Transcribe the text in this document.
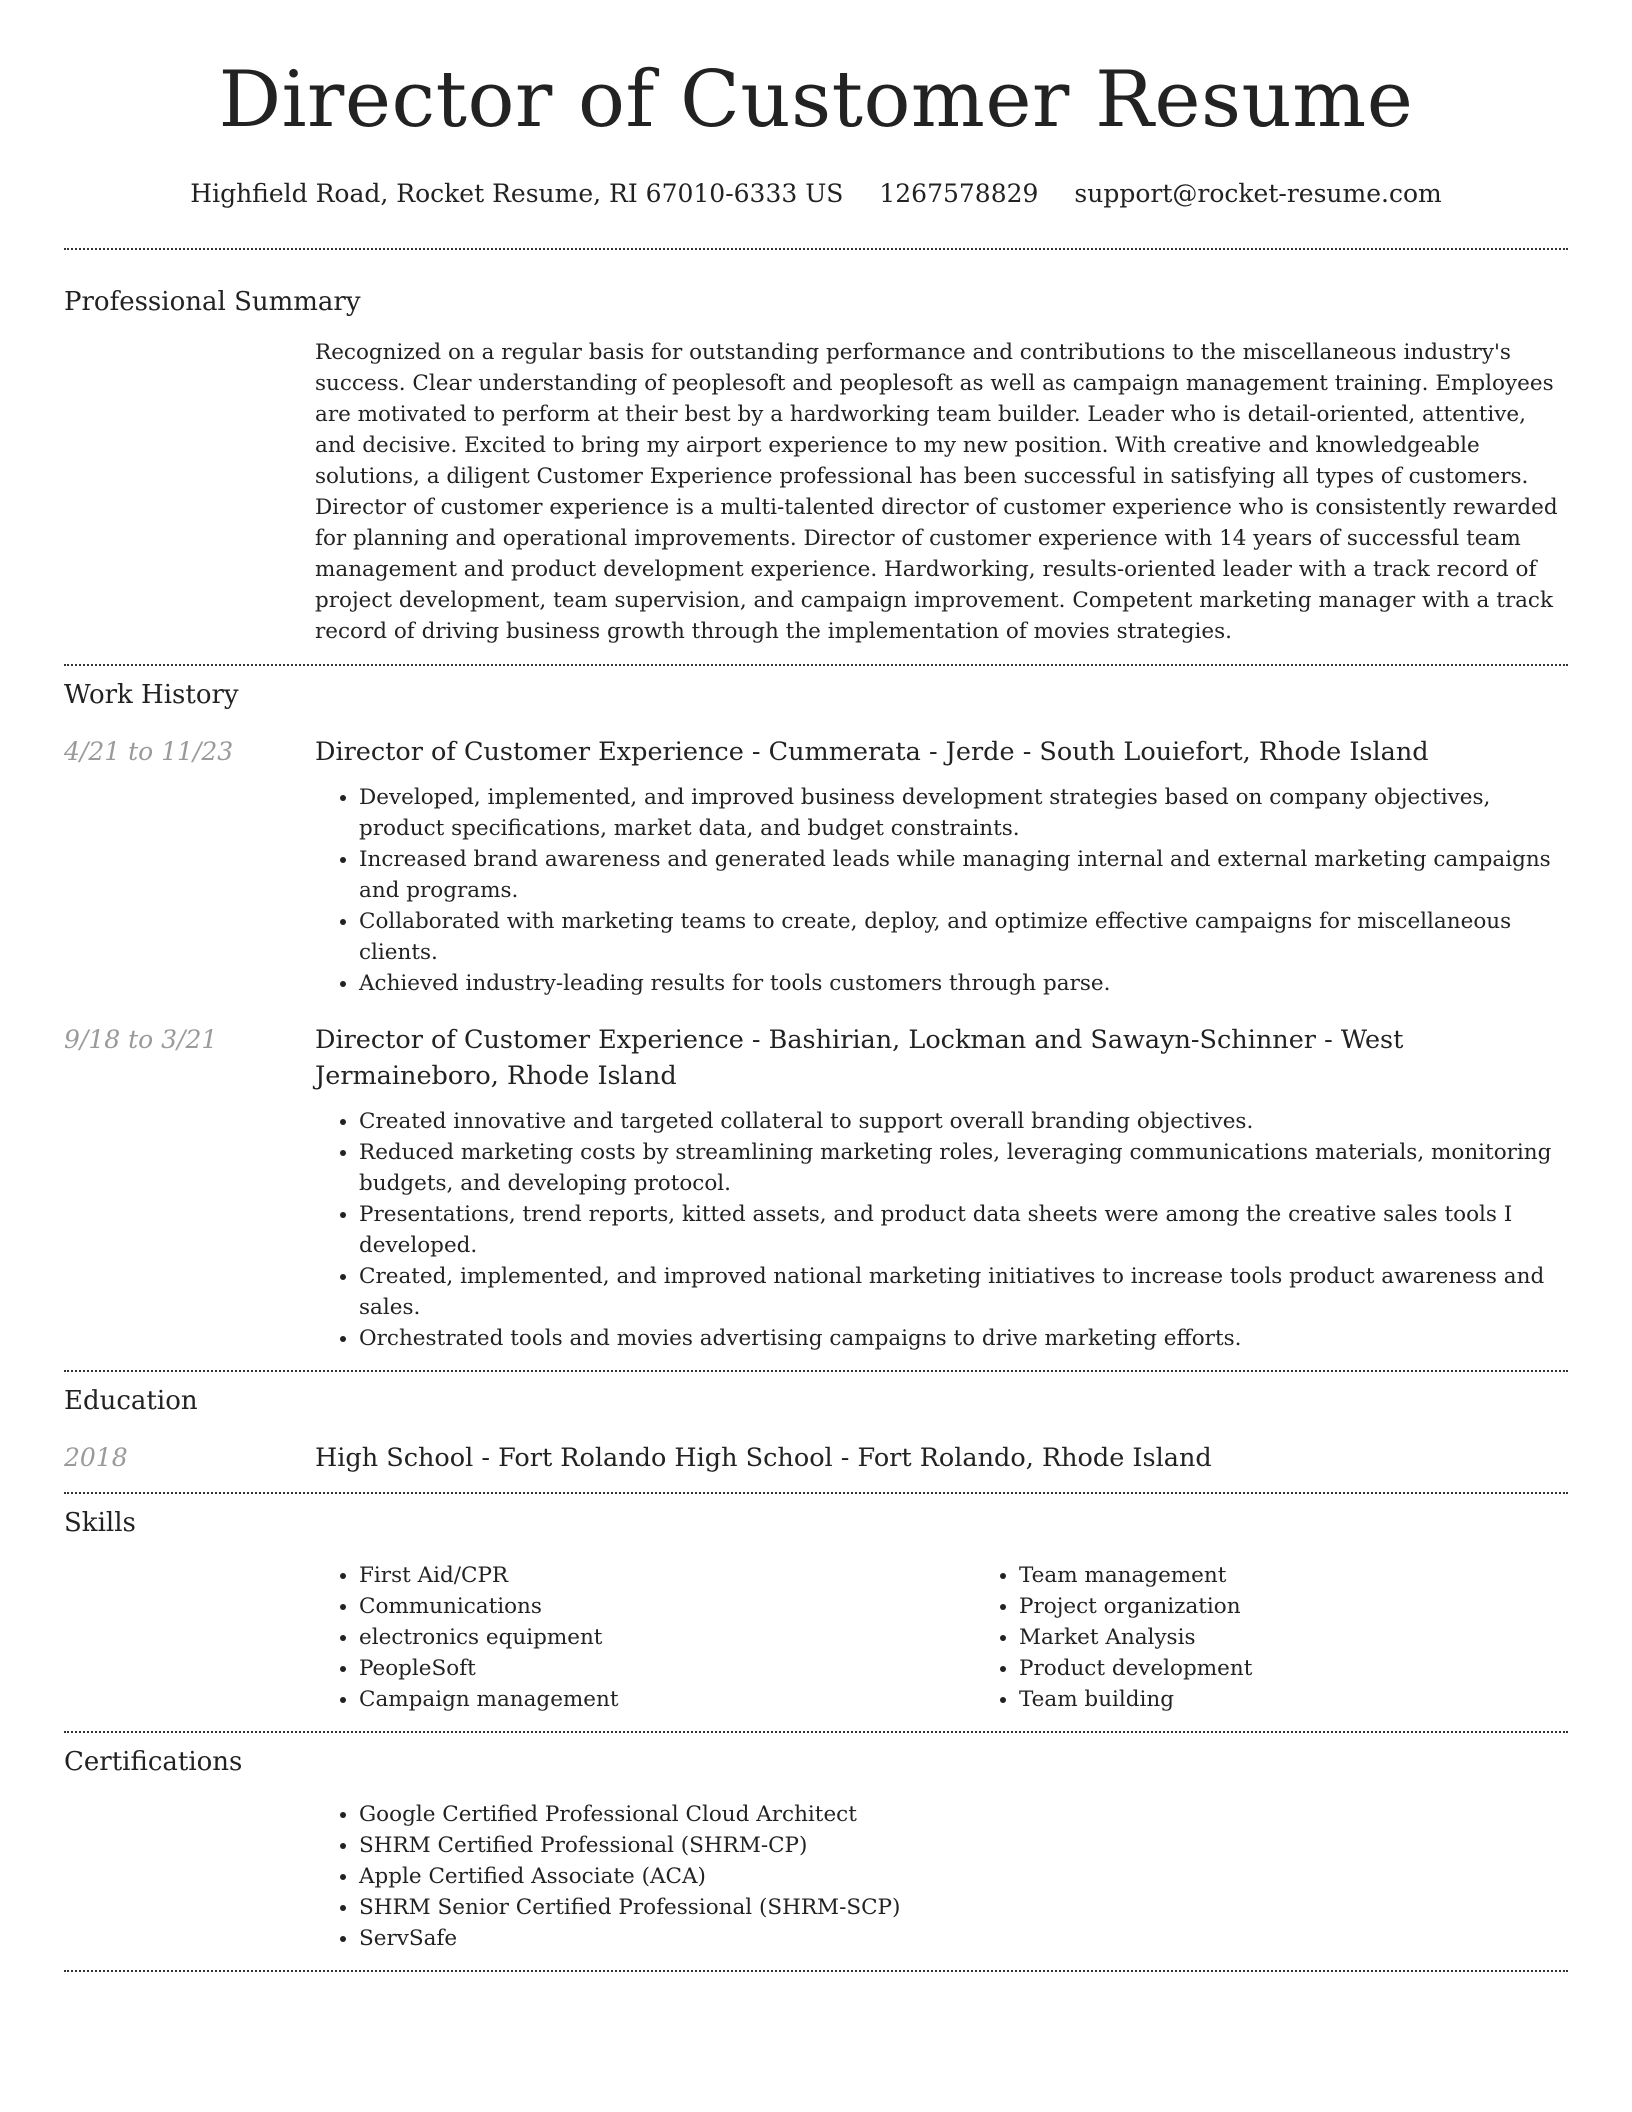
Director of Customer Resume
Highfield Road, Rocket Resume, RI 67010-6333 US 1267578829 support@rocket-resume.com
Professional Summary

Recognized on a regular basis for outstanding performance and contributions to the miscellaneous industry's success. Clear understanding of peoplesoft and peoplesoft as well as campaign management training. Employees are motivated to perform at their best by a hardworking team builder. Leader who is detail-oriented, attentive, and decisive. Excited to bring my airport experience to my new position. With creative and knowledgeable solutions, a diligent Customer Experience professional has been successful in satisfying all types of customers. Director of customer experience is a multi-talented director of customer experience who is consistently rewarded for planning and operational improvements. Director of customer experience with 14 years of successful team management and product development experience. Hardworking, results-oriented leader with a track record of project development, team supervision, and campaign improvement. Competent marketing manager with a track record of driving business growth through the implementation of movies strategies.

Work History
4/21 to 11/23	Director of Customer Experience - Cummerata - Jerde - South Louiefort, Rhode Island

• Developed, implemented, and improved business development strategies based on company objectives, product specifications, market data, and budget constraints.
• Increased brand awareness and generated leads while managing internal and external marketing campaigns and programs.
• Collaborated with marketing teams to create, deploy, and optimize effective campaigns for miscellaneous clients.
• Achieved industry-leading results for tools customers through parse.
9/18 to 3/21	Director of Customer Experience - Bashirian, Lockman and Sawayn-Schinner - West Jermaineboro, Rhode Island

• Created innovative and targeted collateral to support overall branding objectives.
• Reduced marketing costs by streamlining marketing roles, leveraging communications materials, monitoring budgets, and developing protocol.
• Presentations, trend reports, kitted assets, and product data sheets were among the creative sales tools I developed.
• Created, implemented, and improved national marketing initiatives to increase tools product awareness and sales.
• Orchestrated tools and movies advertising campaigns to drive marketing efforts.
Education
2018	High School - Fort Rolando High School - Fort Rolando, Rhode Island

Skills
• First Aid/CPR
• Communications
• electronics equipment
• PeopleSoft
• Campaign management
• Team management
• Project organization
• Market Analysis
• Product development
• Team building
Certifications
• Google Certified Professional Cloud Architect
• SHRM Certified Professional (SHRM-CP)
• Apple Certified Associate (ACA)
• SHRM Senior Certified Professional (SHRM-SCP)
• ServSafe
